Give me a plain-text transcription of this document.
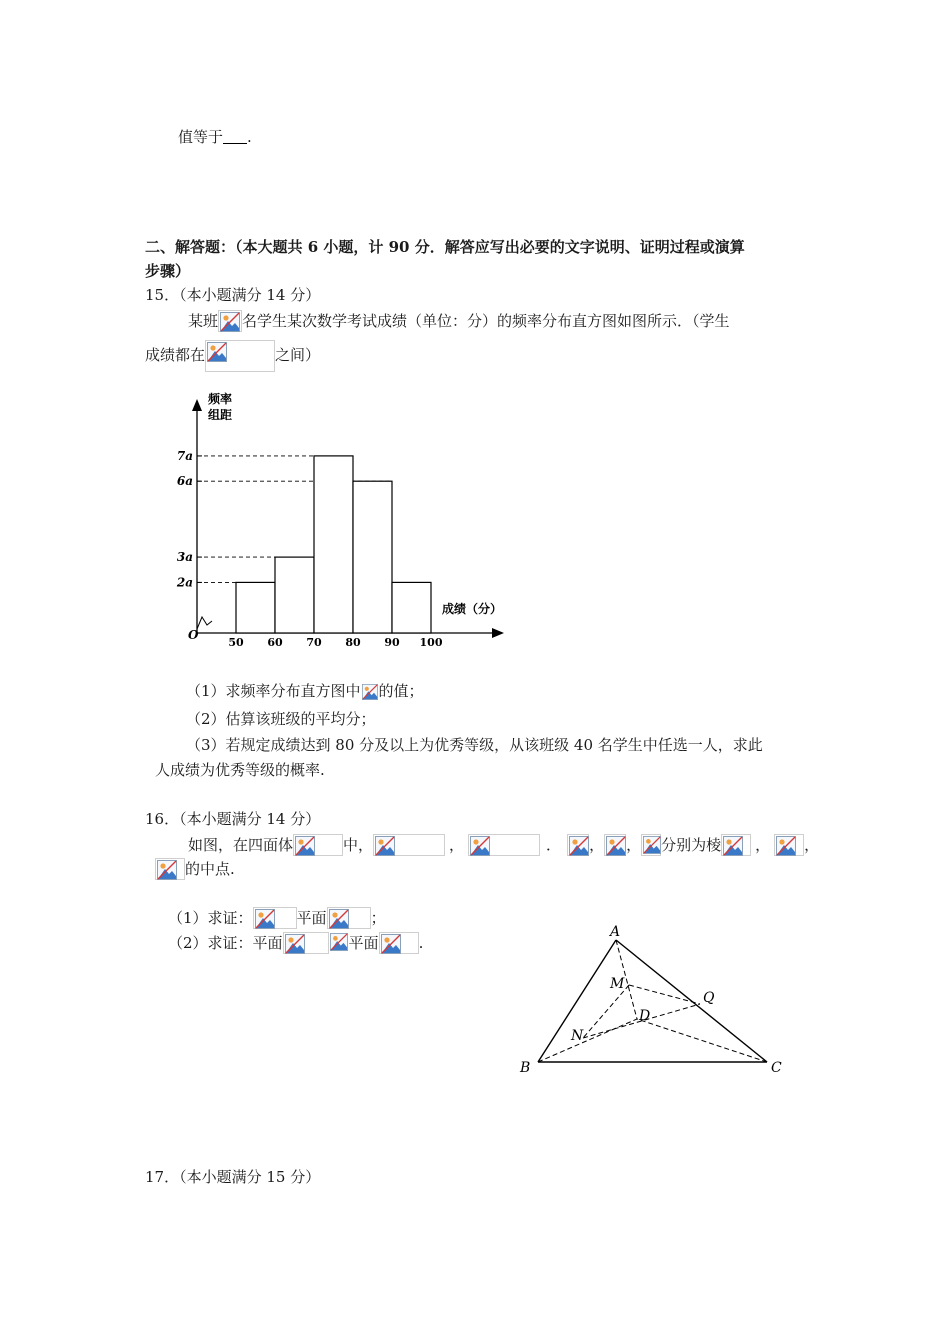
值等于 .
二、解答题：（本大题共 6 小题，计 90 分．解答应写出必要的文字说明、证明过程或演算
步骤）
15．（本小题满分 14 分）
某班 名学生某次数学考试成绩（单位：分）的频率分布直方图如图所示．（学生
成绩都在	之间）
频率
组距
成绩（分）
O
2a
3a
6a
7a
50 60 70 80 90 100
（1）求频率分布直方图中 的值；
（2）估算该班级的平均分；
（3）若规定成绩达到 80 分及以上为优秀等级，从该班级 40 名学生中任选一人，求此
人成绩为优秀等级的概率.
16．（本小题满分 14 分）
如图，在四面体	中，	，	． ， ， 分别为棱 ， ，
的中点.
（1）求证：	平面	；
（2）求证：平面	平面	.
A
B	C
D
M
N
Q
17．（本小题满分 15 分）
